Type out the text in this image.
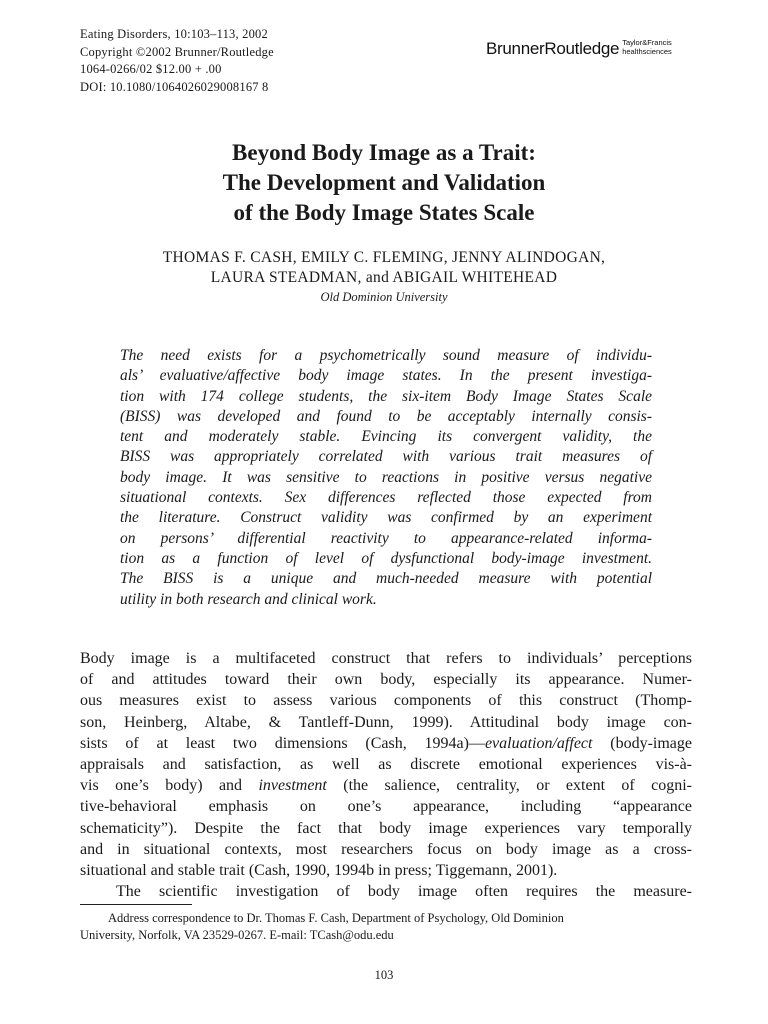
Eating Disorders, 10:103–113, 2002
Copyright ©2002 Brunner/Routledge
1064-0266/02 $12.00 + .00
DOI: 10.1080/1064026029008167 8
BrunnerRoutledge Taylor&Francis
healthsciences
Beyond Body Image as a Trait:
The Development and Validation
of the Body Image States Scale
THOMAS F. CASH, EMILY C. FLEMING, JENNY ALINDOGAN,
LAURA STEADMAN, and ABIGAIL WHITEHEAD
Old Dominion University
The need exists for a psychometrically sound measure of individu-
als’ evaluative/affective body image states. In the present investiga-
tion with 174 college students, the six-item Body Image States Scale
(BISS) was developed and found to be acceptably internally consis-
tent and moderately stable. Evincing its convergent validity, the
BISS was appropriately correlated with various trait measures of
body image. It was sensitive to reactions in positive versus negative
situational contexts. Sex differences reflected those expected from
the literature. Construct validity was confirmed by an experiment
on persons’ differential reactivity to appearance-related informa-
tion as a function of level of dysfunctional body-image investment.
The BISS is a unique and much-needed measure with potential
utility in both research and clinical work.
Body image is a multifaceted construct that refers to individuals’ perceptions
of and attitudes toward their own body, especially its appearance. Numer-
ous measures exist to assess various components of this construct (Thomp-
son, Heinberg, Altabe, & Tantleff-Dunn, 1999). Attitudinal body image con-
sists of at least two dimensions (Cash, 1994a)—evaluation/affect (body-image
appraisals and satisfaction, as well as discrete emotional experiences vis-à-
vis one’s body) and investment (the salience, centrality, or extent of cogni-
tive-behavioral emphasis on one’s appearance, including “appearance
schematicity”). Despite the fact that body image experiences vary temporally
and in situational contexts, most researchers focus on body image as a cross-
situational and stable trait (Cash, 1990, 1994b in press; Tiggemann, 2001).
The scientific investigation of body image often requires the measure-
Address correspondence to Dr. Thomas F. Cash, Department of Psychology, Old Dominion
University, Norfolk, VA 23529-0267. E-mail: TCash@odu.edu
103
